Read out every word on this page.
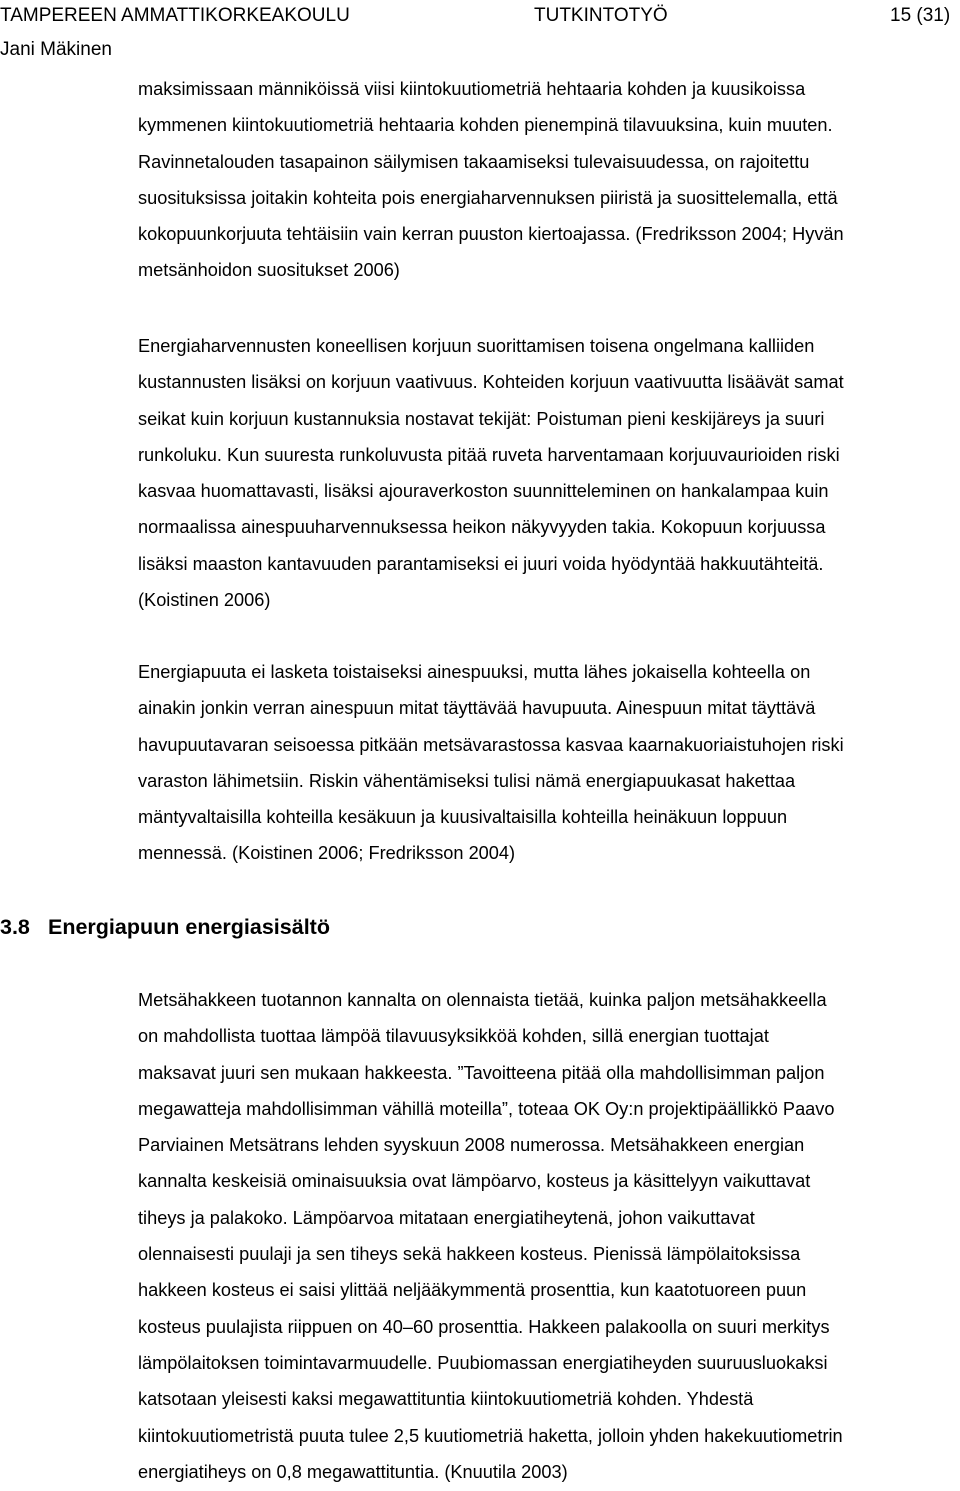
TAMPEREEN AMMATTIKORKEAKOULU	TUTKINTOTYÖ	15 (31)
Jani Mäkinen
maksimissaan männiköissä viisi kiintokuutiometriä hehtaaria kohden ja kuusikoissa
kymmenen kiintokuutiometriä hehtaaria kohden pienempinä tilavuuksina, kuin muuten.
Ravinnetalouden tasapainon säilymisen takaamiseksi tulevaisuudessa, on rajoitettu
suosituksissa joitakin kohteita pois energiaharvennuksen piiristä ja suosittelemalla, että
kokopuunkorjuuta tehtäisiin vain kerran puuston kiertoajassa. (Fredriksson 2004; Hyvän
metsänhoidon suositukset 2006)
Energiaharvennusten koneellisen korjuun suorittamisen toisena ongelmana kalliiden
kustannusten lisäksi on korjuun vaativuus. Kohteiden korjuun vaativuutta lisäävät samat
seikat kuin korjuun kustannuksia nostavat tekijät: Poistuman pieni keskijäreys ja suuri
runkoluku. Kun suuresta runkoluvusta pitää ruveta harventamaan korjuuvaurioiden riski
kasvaa huomattavasti, lisäksi ajouraverkoston suunnitteleminen on hankalampaa kuin
normaalissa ainespuuharvennuksessa heikon näkyvyyden takia. Kokopuun korjuussa
lisäksi maaston kantavuuden parantamiseksi ei juuri voida hyödyntää hakkuutähteitä.
(Koistinen 2006)
Energiapuuta ei lasketa toistaiseksi ainespuuksi, mutta lähes jokaisella kohteella on
ainakin jonkin verran ainespuun mitat täyttävää havupuuta. Ainespuun mitat täyttävä
havupuutavaran seisoessa pitkään metsävarastossa kasvaa kaarnakuoriaistuhojen riski
varaston lähimetsiin. Riskin vähentämiseksi tulisi nämä energiapuukasat hakettaa
mäntyvaltaisilla kohteilla kesäkuun ja kuusivaltaisilla kohteilla heinäkuun loppuun
mennessä. (Koistinen 2006; Fredriksson 2004)
3.8 Energiapuun energiasisältö
Metsähakkeen tuotannon kannalta on olennaista tietää, kuinka paljon metsähakkeella
on mahdollista tuottaa lämpöä tilavuusyksikköä kohden, sillä energian tuottajat
maksavat juuri sen mukaan hakkeesta. ”Tavoitteena pitää olla mahdollisimman paljon
megawatteja mahdollisimman vähillä moteilla”, toteaa OK Oy:n projektipäällikkö Paavo
Parviainen Metsätrans lehden syyskuun 2008 numerossa. Metsähakkeen energian
kannalta keskeisiä ominaisuuksia ovat lämpöarvo, kosteus ja käsittelyyn vaikuttavat
tiheys ja palakoko. Lämpöarvoa mitataan energiatiheytenä, johon vaikuttavat
olennaisesti puulaji ja sen tiheys sekä hakkeen kosteus. Pienissä lämpölaitoksissa
hakkeen kosteus ei saisi ylittää neljääkymmentä prosenttia, kun kaatotuoreen puun
kosteus puulajista riippuen on 40–60 prosenttia. Hakkeen palakoolla on suuri merkitys
lämpölaitoksen toimintavarmuudelle. Puubiomassan energiatiheyden suuruusluokaksi
katsotaan yleisesti kaksi megawattituntia kiintokuutiometriä kohden. Yhdestä
kiintokuutiometristä puuta tulee 2,5 kuutiometriä haketta, jolloin yhden hakekuutiometrin
energiatiheys on 0,8 megawattituntia. (Knuutila 2003)
